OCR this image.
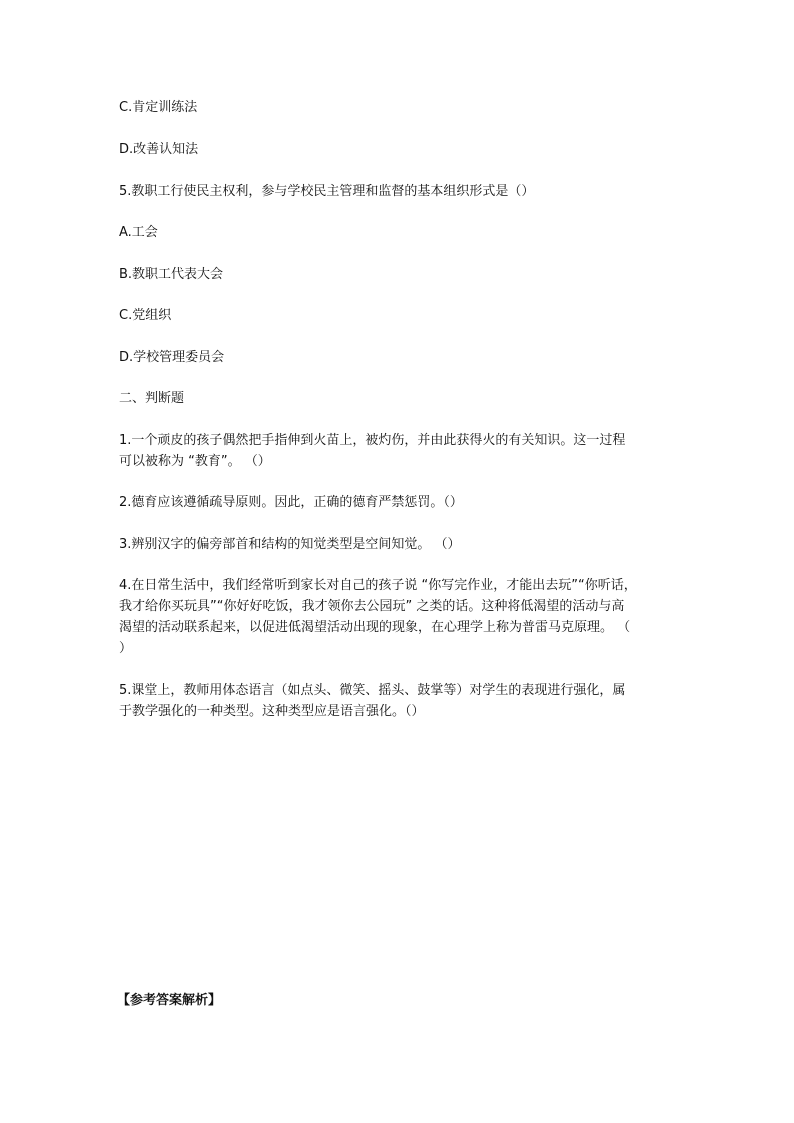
C.肯定训练法
D.改善认知法
5.教职工行使民主权利，参与学校民主管理和监督的基本组织形式是（）
A.工会
B.教职工代表大会
C.党组织
D.学校管理委员会
二、判断题
1.一个顽皮的孩子偶然把手指伸到火苗上，被灼伤，并由此获得火的有关知识。这一过程
可以被称为 “教育”。 （）
2.德育应该遵循疏导原则。因此，正确的德育严禁惩罚。（）
3.辨别汉字的偏旁部首和结构的知觉类型是空间知觉。 （）
4.在日常生活中，我们经常听到家长对自己的孩子说 “你写完作业，才能出去玩”“你听话，
我才给你买玩具”“你好好吃饭，我才领你去公园玩” 之类的话。这种将低渴望的活动与高
渴望的活动联系起来，以促进低渴望活动出现的现象，在心理学上称为普雷马克原理。 （
）
5.课堂上，教师用体态语言（如点头、微笑、摇头、鼓掌等）对学生的表现进行强化，属
于教学强化的一种类型。这种类型应是语言强化。（）
【参考答案解析】
